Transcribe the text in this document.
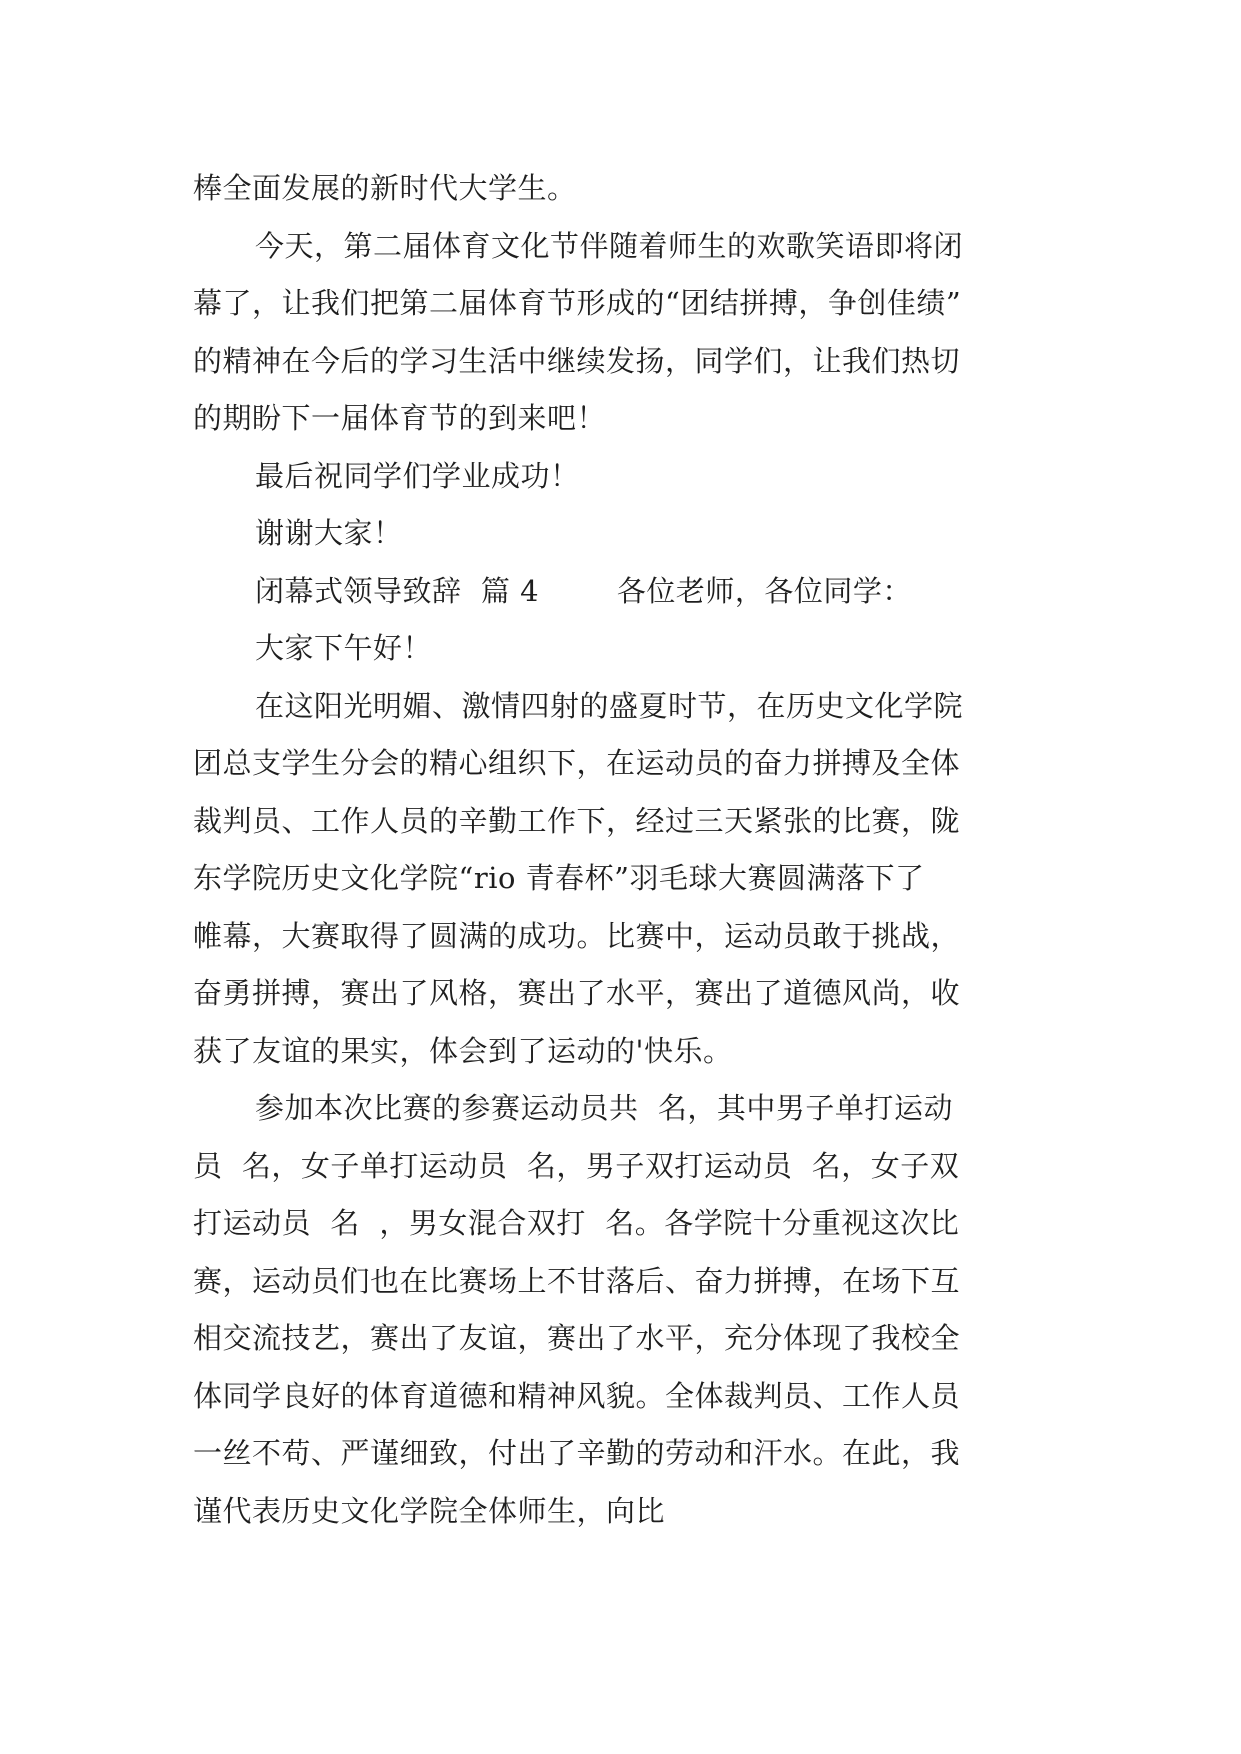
棒全面发展的新时代大学生。
今天，第二届体育文化节伴随着师生的欢歌笑语即将闭
幕了，让我们把第二届体育节形成的“团结拼搏，争创佳绩”
的精神在今后的学习生活中继续发扬，同学们，让我们热切
的期盼下一届体育节的到来吧！
最后祝同学们学业成功！
谢谢大家！
闭幕式领导致辞  篇 4        各位老师，各位同学：
大家下午好！
在这阳光明媚、激情四射的盛夏时节，在历史文化学院
团总支学生分会的精心组织下，在运动员的奋力拼搏及全体
裁判员、工作人员的辛勤工作下，经过三天紧张的比赛，陇
东学院历史文化学院“rio 青春杯”羽毛球大赛圆满落下了
帷幕，大赛取得了圆满的成功。比赛中，运动员敢于挑战，
奋勇拼搏，赛出了风格，赛出了水平，赛出了道德风尚，收
获了友谊的果实，体会到了运动的'快乐。
参加本次比赛的参赛运动员共  名，其中男子单打运动
员  名，女子单打运动员  名，男子双打运动员  名，女子双
打运动员  名  ，男女混合双打  名。各学院十分重视这次比
赛，运动员们也在比赛场上不甘落后、奋力拼搏，在场下互
相交流技艺，赛出了友谊，赛出了水平，充分体现了我校全
体同学良好的体育道德和精神风貌。全体裁判员、工作人员
一丝不苟、严谨细致，付出了辛勤的劳动和汗水。在此，我
谨代表历史文化学院全体师生，向比
